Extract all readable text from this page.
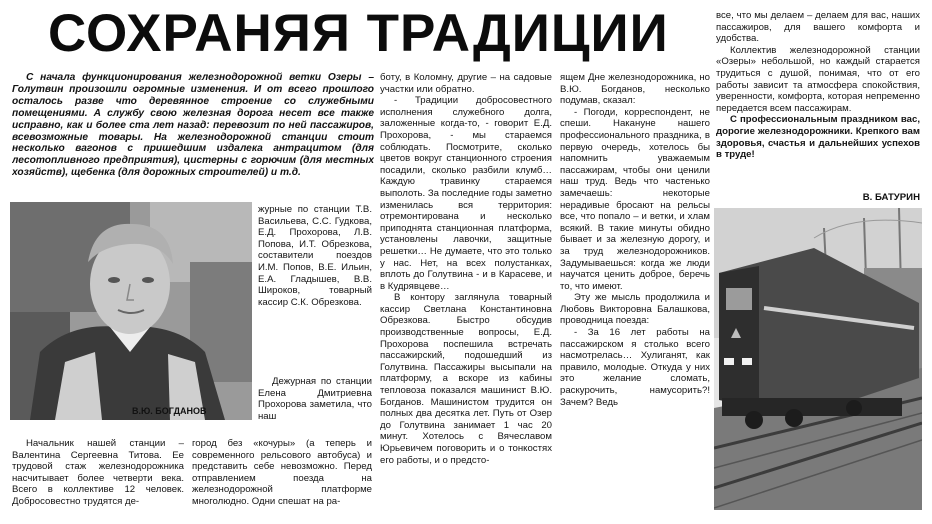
СОХРАНЯЯ ТРАДИЦИИ

С начала функционирования железнодорожной ветки Озеры – Голутвин произошли огромные изменения. И от всего прошлого осталось разве что деревянное строение со служебными помещениями. А службу свою железная дорога несет все также исправно, как и более ста лет назад: перевозит по ней пассажиров, всевозможные товары. На железнодорожной станции стоит несколько вагонов с пришедшим издалека антрацитом (для лесотопливного предприятия), цистерны с горючим (для местных хозяйств), щебенка (для дорожных строителей) и т.д.

В.Ю. БОГДАНОВ

журные по станции Т.В. Васильева, С.С. Гудкова, Е.Д. Прохорова, Л.В. Попова, И.Т. Обрезкова, составители поездов И.М. Попов, В.Е. Ильин, Е.А. Гладышев, В.В. Широков, товарный кассир С.К. Обрезкова.

Дежурная по станции Елена Дмитриевна Прохорова заметила, что наш

Начальник нашей станции – Валентина Сергеевна Титова. Ее трудовой стаж железнодорожника насчитывает более четверти века. Всего в коллективе 12 человек. Добросовестно трудятся де-

город без «кочуры» (а теперь и современного рельсового автобуса) и представить себе невозможно. Перед отправлением поезда на железнодорожной платформе многолюдно. Одни спешат на ра-

боту, в Коломну, другие – на садовые участки или обратно.

- Традиции добросовестного исполнения служебного долга, заложенные когда-то, - говорит Е.Д. Прохорова, - мы стараемся соблюдать. Посмотрите, сколько цветов вокруг станционного строения посадили, сколько разбили клумб… Каждую травинку стараемся выполоть. За последние годы заметно изменилась вся территория: отремонтирована и несколько приподнята станционная платформа, установлены лавочки, защитные решетки… Не думаете, что это только у нас. Нет, на всех полустанках, вплоть до Голутвина - и в Карасеве, и в Кудрявцеве…

В контору заглянула товарный кассир Светлана Константиновна Обрезкова. Быстро обсудив производственные вопросы, Е.Д. Прохорова поспешила встречать пассажирский, подошедший из Голутвина. Пассажиры высыпали на платформу, а вскоре из кабины тепловоза показался машинист В.Ю. Богданов. Машинистом трудится он полных два десятка лет. Путь от Озер до Голутвина занимает 1 час 20 минут. Хотелось с Вячеславом Юрьевичем поговорить и о тонкостях его работы, и о предсто-

ящем Дне железнодорожника, но В.Ю. Богданов, несколько подумав, сказал:

- Погоди, корреспондент, не спеши. Накануне нашего профессионального праздника, в первую очередь, хотелось бы напомнить уважаемым пассажирам, чтобы они ценили наш труд. Ведь что частенько замечаешь: некоторые нерадивые бросают на рельсы все, что попало – и ветки, и хлам всякий. В такие минуты обидно бывает и за железную дорогу, и за труд железнодорожников. Задумываешься: когда же люди научатся ценить доброе, беречь то, что имеют.

Эту же мысль продолжила и Любовь Викторовна Балашкова, проводница поезда:

- За 16 лет работы на пассажирском я столько всего насмотрелась… Хулиганят, как правило, молодые. Откуда у них это желание сломать, раскурочить, намусорить?! Зачем? Ведь

все, что мы делаем – делаем для вас, наших пассажиров, для вашего комфорта и удобства.

Коллектив железнодорожной станции «Озеры» небольшой, но каждый старается трудиться с душой, понимая, что от его работы зависит та атмосфера спокойствия, уверенности, комфорта, которая непременно передается всем пассажирам.

С профессиональным праздником вас, дорогие железнодорожники. Крепкого вам здоровья, счастья и дальнейших успехов в труде!

В. БАТУРИН
